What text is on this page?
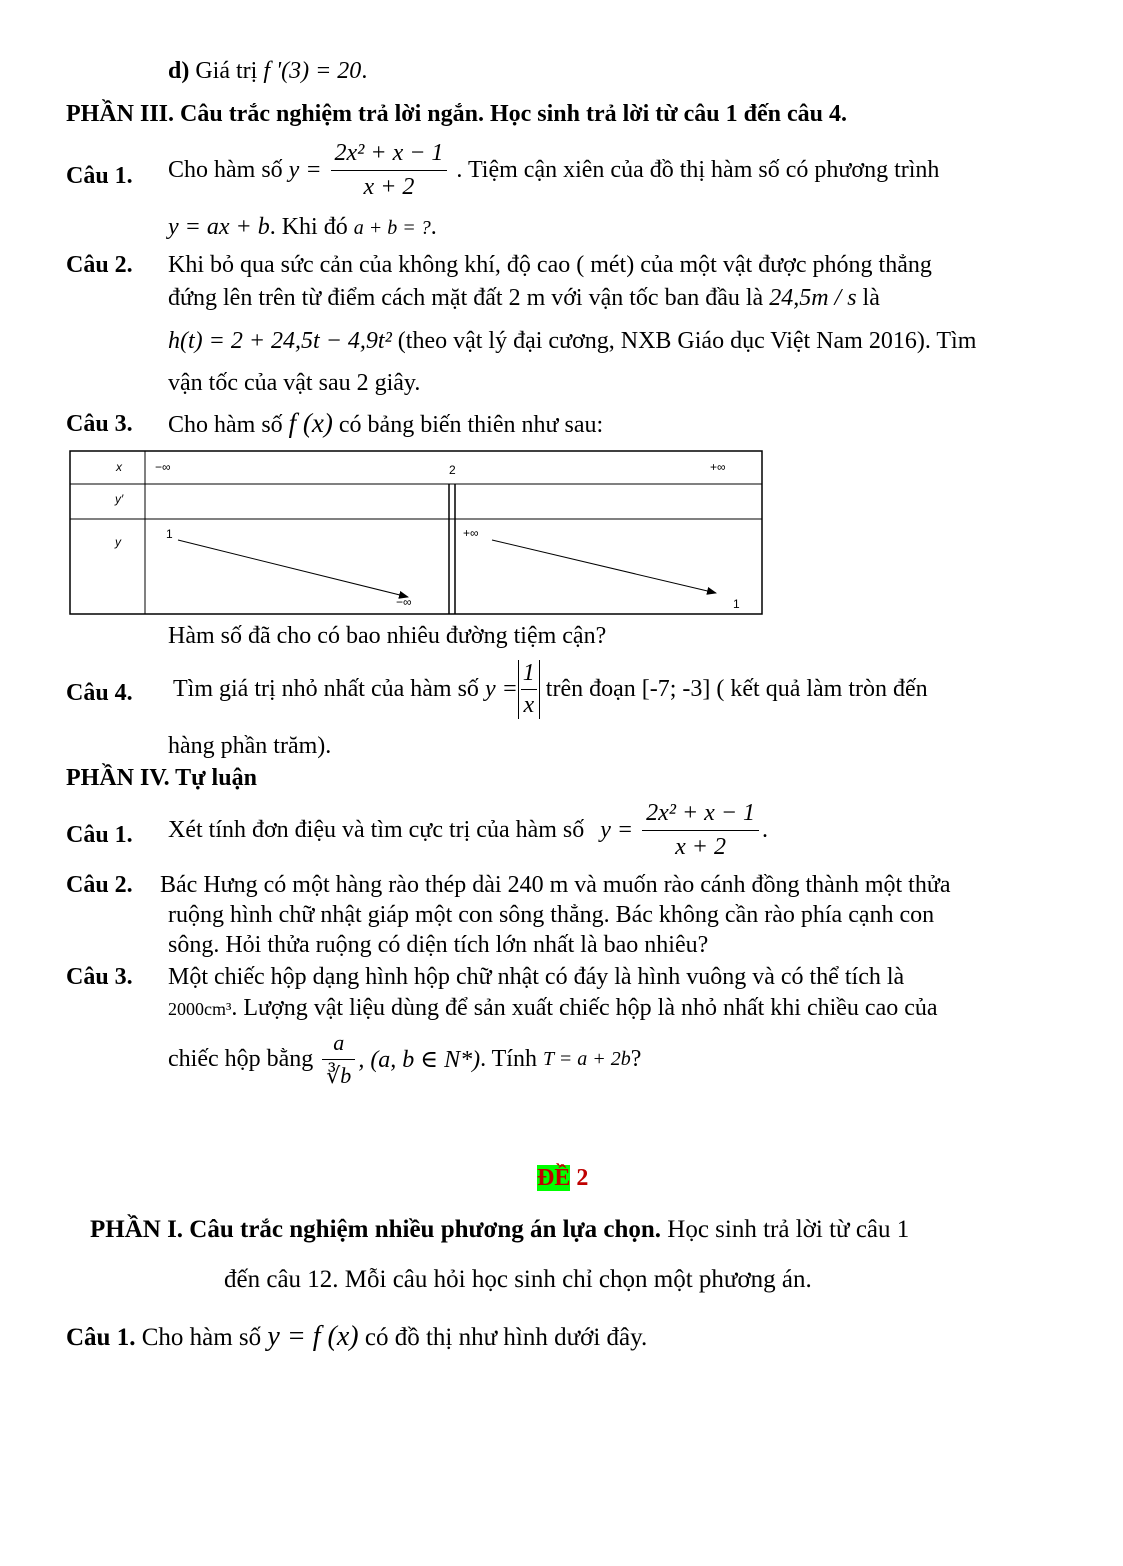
d) Giá trị f '(3) = 20.
PHẦN III. Câu trắc nghiệm trả lời ngắn. Học sinh trả lời từ câu 1 đến câu 4.
Câu 1. Cho hàm số $y = \frac{\text{2x² + x − 1}}{x + 2}$ . Tiệm cận xiên của đồ thị hàm số có phương trình
y = ax + b. Khi đó a + b = ?.
Câu 2. Khi bỏ qua sức cản của không khí, độ cao ( mét) của một vật được phóng thẳng
đứng lên trên từ điểm cách mặt đất 2 m với vận tốc ban đầu là 24,5m / s là
h(t) = 2 + 24,5t − 4,9t² (theo vật lý đại cương, NXB Giáo dục Việt Nam 2016). Tìm
vận tốc của vật sau 2 giây.
Câu 3. Cho hàm số f (x) có bảng biến thiên như sau:
x
y′
y
−∞	2	+∞
1
−∞
+∞
1
Hàm số đã cho có bao nhiêu đường tiệm cận?
Câu 4. Tìm giá trị nhỏ nhất của hàm số $y = \frac{1}{x}$ trên đoạn [-7; -3] ( kết quả làm tròn đến
hàng phần trăm).
PHẦN IV. Tự luận
Câu 1. Xét tính đơn điệu và tìm cực trị của hàm số $y = \frac{\text{2x² + x − 1}}{x + 2}$ .
Câu 2. Bác Hưng có một hàng rào thép dài 240 m và muốn rào cánh đồng thành một thửa
ruộng hình chữ nhật giáp một con sông thẳng. Bác không cần rào phía cạnh con
sông. Hỏi thửa ruộng có diện tích lớn nhất là bao nhiêu?
Câu 3. Một chiếc hộp dạng hình hộp chữ nhật có đáy là hình vuông và có thể tích là
2000cm³. Lượng vật liệu dùng để sản xuất chiếc hộp là nhỏ nhất khi chiều cao của
chiếc hộp bằng $\frac{a}{∛b}$ , (a, b ∈ N*). Tính T = a + 2b?
ĐỀ 2
PHẦN I. Câu trắc nghiệm nhiều phương án lựa chọn. Học sinh trả lời từ câu 1
đến câu 12. Mỗi câu hỏi học sinh chỉ chọn một phương án.
Câu 1. Cho hàm số y = f (x) có đồ thị như hình dưới đây.
